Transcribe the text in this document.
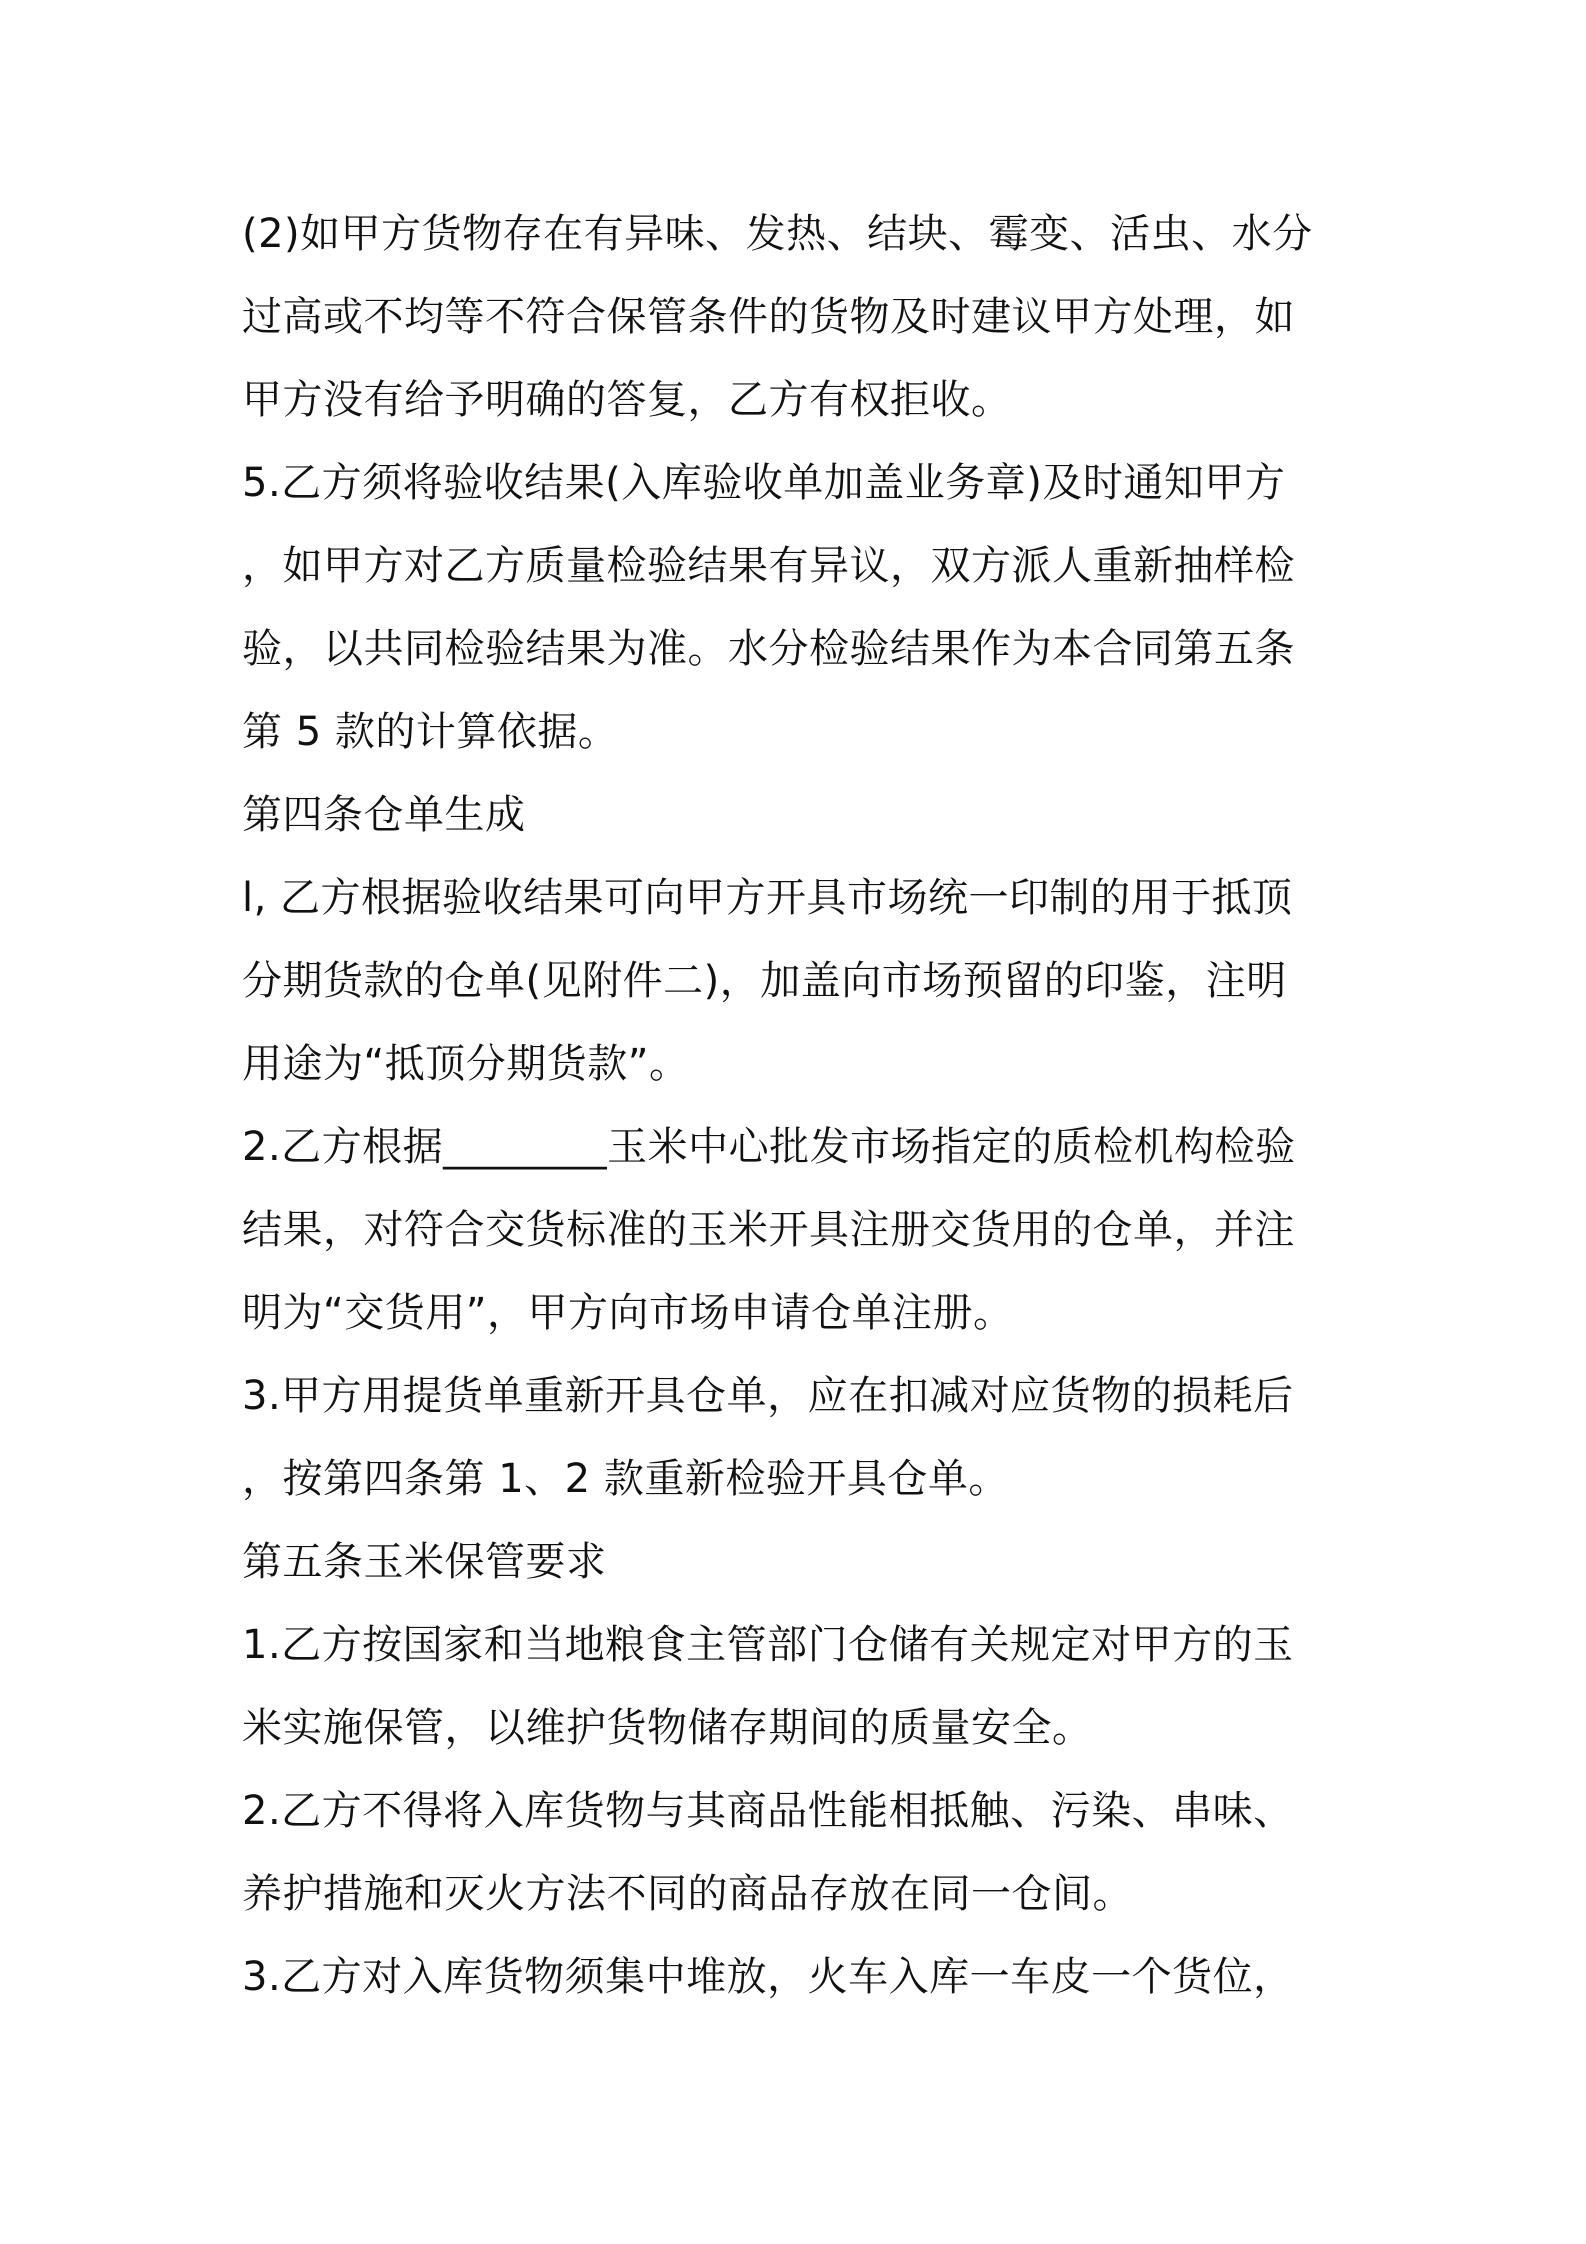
(2)如甲方货物存在有异味、发热、结块、霉变、活虫、水分
过高或不均等不符合保管条件的货物及时建议甲方处理，如
甲方没有给予明确的答复，乙方有权拒收。
5.乙方须将验收结果(入库验收单加盖业务章)及时通知甲方
，如甲方对乙方质量检验结果有异议，双方派人重新抽样检
验，以共同检验结果为准。水分检验结果作为本合同第五条
第 5 款的计算依据。
第四条仓单生成
l, 乙方根据验收结果可向甲方开具市场统一印制的用于抵顶
分期货款的仓单(见附件二)，加盖向市场预留的印鉴，注明
用途为“抵顶分期货款”。
2.乙方根据________玉米中心批发市场指定的质检机构检验
结果，对符合交货标准的玉米开具注册交货用的仓单，并注
明为“交货用”，甲方向市场申请仓单注册。
3.甲方用提货单重新开具仓单，应在扣减对应货物的损耗后
，按第四条第 1、2 款重新检验开具仓单。
第五条玉米保管要求
1.乙方按国家和当地粮食主管部门仓储有关规定对甲方的玉
米实施保管，以维护货物储存期间的质量安全。
2.乙方不得将入库货物与其商品性能相抵触、污染、串味、
养护措施和灭火方法不同的商品存放在同一仓间。
3.乙方对入库货物须集中堆放，火车入库一车皮一个货位，
